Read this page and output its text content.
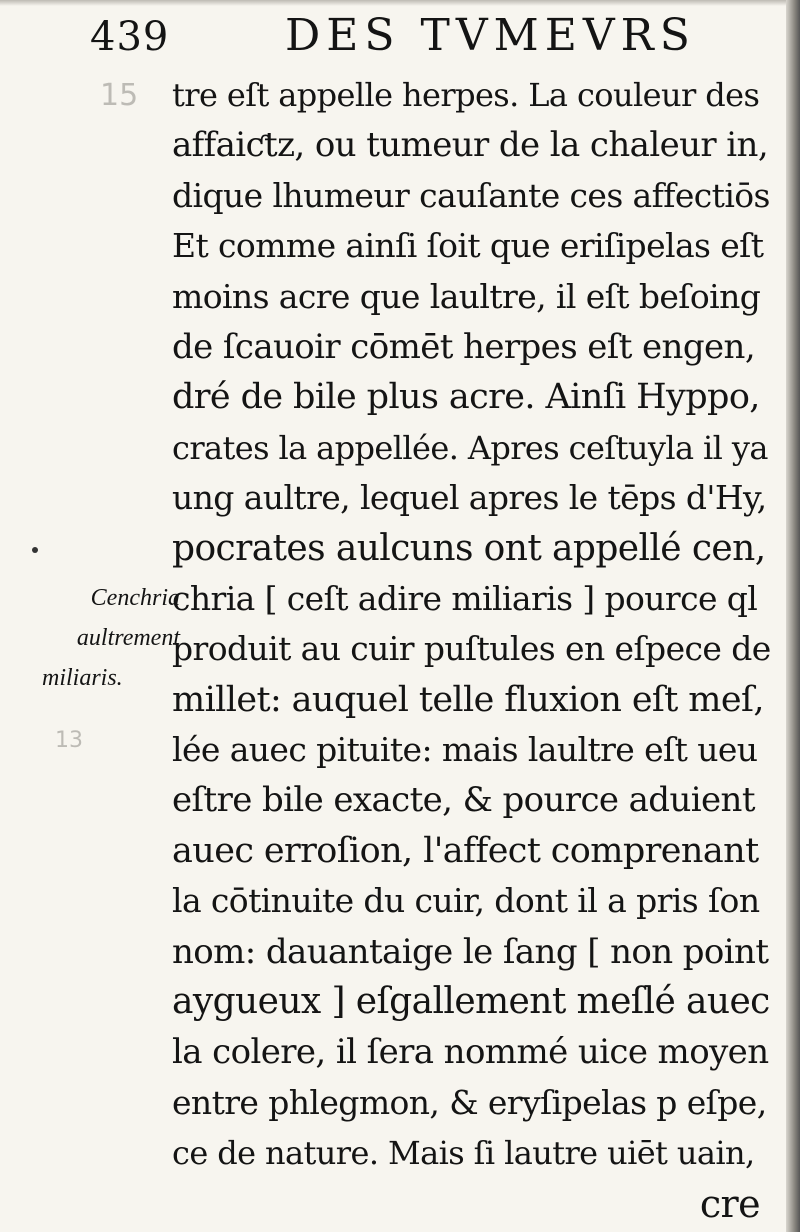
439	DES TVMEVRS
15
13
Cenchria
aultrement
miliaris.
tre eſt appelle herpes. La couleur des
affaiƈtz, ou tumeur de la chaleur in,
dique lhumeur cauſante ces affectiōs
Et comme ainſi ſoit que eriſipelas eſt
moins acre que laultre, il eſt beſoing
de ſcauoir cōmēt herpes eſt engen,
dré de bile plus acre. Ainſi Hyppo,
crates la appellée. Apres ceſtuyla il ya
ung aultre, lequel apres le tēps d'Hy,
pocrates aulcuns ont appellé cen,
chria [ ceſt adire miliaris ] pource ql
produit au cuir puſtules en eſpece de
millet: auquel telle fluxion eſt meſ,
lée auec pituite: mais laultre eſt ueu
eſtre bile exacte, & pource aduient
auec erroſion, l'affect comprenant
la cōtinuite du cuir, dont il a pris ſon
nom: dauantaige le ſang [ non point
aygueux ] eſgallement meſlé auec
la colere, il ſera nommé uice moyen
entre phlegmon, & eryſipelas p eſpe,
ce de nature. Mais ſi lautre uiēt uain,
cre
